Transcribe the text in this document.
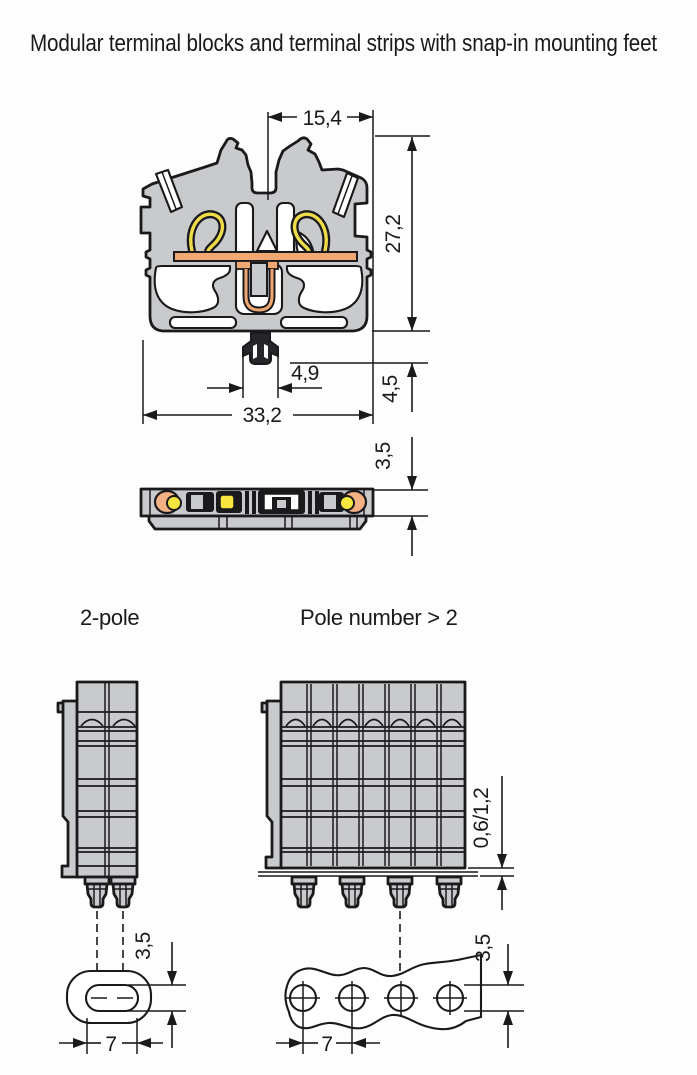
Modular terminal blocks and terminal strips with snap-in mounting feet
15,4
27,2
4,5
4,9
33,2
3,5
2-pole	Pole number > 2
3,5
7
0,6/1,2
3,5
7
